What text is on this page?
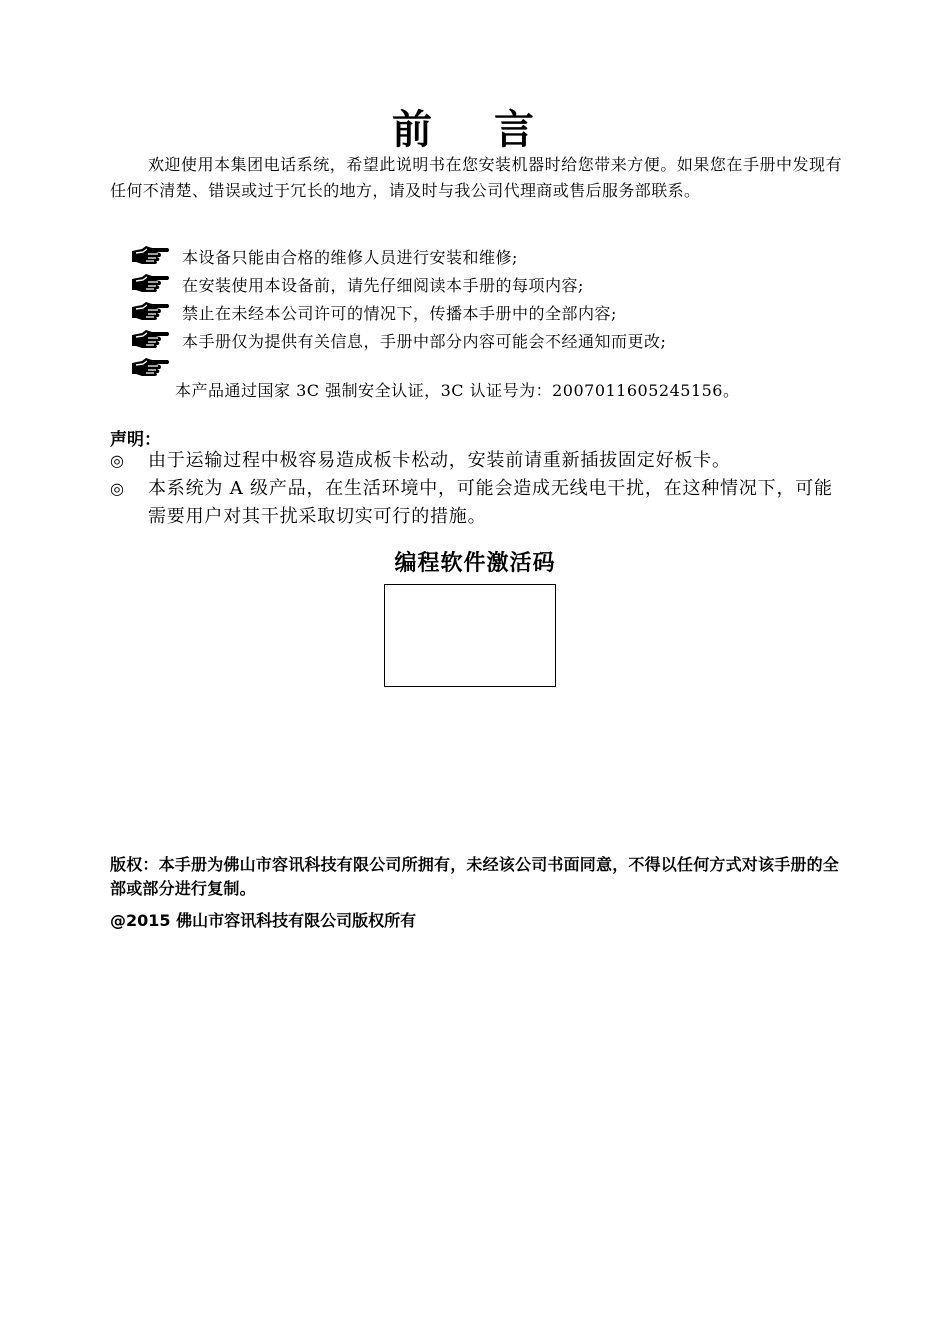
前 言

欢迎使用本集团电话系统，希望此说明书在您安装机器时给您带来方便。如果您在手册中发现有任何不清楚、错误或过于冗长的地方，请及时与我公司代理商或售后服务部联系。

本设备只能由合格的维修人员进行安装和维修;
在安装使用本设备前，请先仔细阅读本手册的每项内容;
禁止在未经本公司许可的情况下，传播本手册中的全部内容;
本手册仅为提供有关信息，手册中部分内容可能会不经通知而更改;
本产品通过国家 3C 强制安全认证，3C 认证号为：2007011605245156。
声明：
◎	由于运输过程中极容易造成板卡松动，安装前请重新插拔固定好板卡。
◎	本系统为 A 级产品，在生活环境中，可能会造成无线电干扰，在这种情况下，可能需要用户对其干扰采取切实可行的措施。
编程软件激活码

版权：本手册为佛山市容讯科技有限公司所拥有，未经该公司书面同意，不得以任何方式对该手册的全部或部分进行复制。

@2015 佛山市容讯科技有限公司版权所有
